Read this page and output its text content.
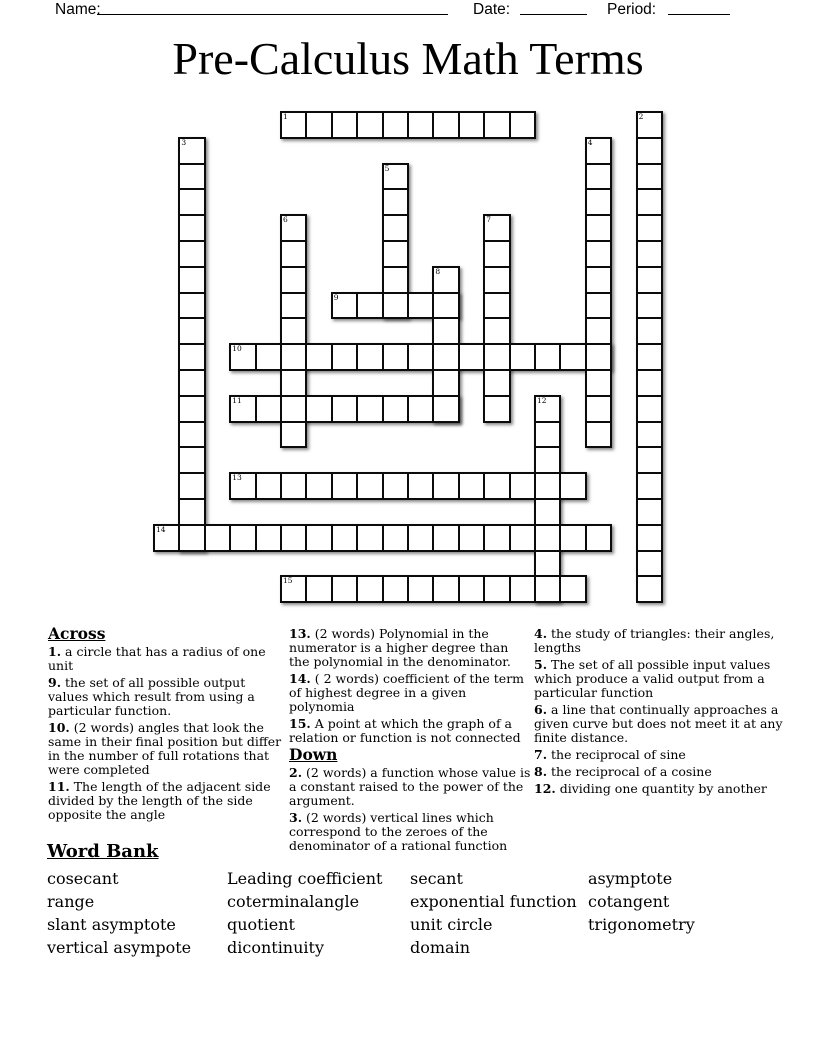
Name:	Date:	Period:
Pre-Calculus Math Terms
1	2
3	4
5
6	7
8
9
10
11	12
13
14
15
Across
1. a circle that has a radius of one unit
9. the set of all possible output values which result from using a particular function.
10. (2 words) angles that look the same in their final position but differ in the number of full rotations that were completed
11. The length of the adjacent side divided by the length of the side opposite the angle
13. (2 words) Polynomial in the numerator is a higher degree than the polynomial in the denominator.
14. ( 2 words) coefficient of the term of highest degree in a given polynomia
15. A point at which the graph of a relation or function is not connected
Down
2. (2 words) a function whose value is a constant raised to the power of the argument.
3. (2 words) vertical lines which correspond to the zeroes of the denominator of a rational function
4. the study of triangles: their angles, lengths
5. The set of all possible input values which produce a valid output from a particular function
6. a line that continually approaches a given curve but does not meet it at any finite distance.
7. the reciprocal of sine
8. the reciprocal of a cosine
12. dividing one quantity by another
Word Bank
cosecant
range
slant asymptote
vertical asympote
Leading coefficient
coterminalangle
quotient
dicontinuity
secant
exponential function
unit circle
domain
asymptote
cotangent
trigonometry
